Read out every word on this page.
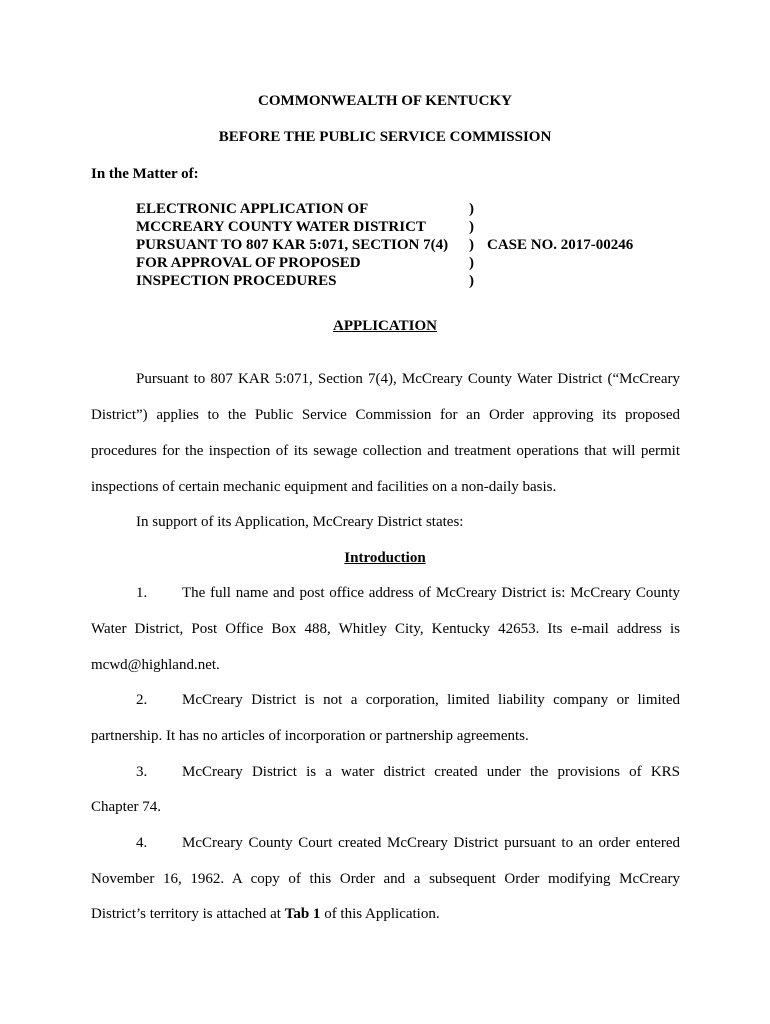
COMMONWEALTH OF KENTUCKY
BEFORE THE PUBLIC SERVICE COMMISSION
In the Matter of:
ELECTRONIC APPLICATION OF
MCCREARY COUNTY WATER DISTRICT
PURSUANT TO 807 KAR 5:071, SECTION 7(4)
FOR APPROVAL OF PROPOSED
INSPECTION PROCEDURES
)
)
)
)
)
CASE NO. 2017-00246
APPLICATION
Pursuant to 807 KAR 5:071, Section 7(4), McCreary County Water District (“McCreary
District”) applies to the Public Service Commission for an Order approving its proposed
procedures for the inspection of its sewage collection and treatment operations that will permit
inspections of certain mechanic equipment and facilities on a non-daily basis.
In support of its Application, McCreary District states:
Introduction
1. The full name and post office address of McCreary District is: McCreary County
Water District, Post Office Box 488, Whitley City, Kentucky 42653. Its e-mail address is
mcwd@highland.net.
2. McCreary District is not a corporation, limited liability company or limited
partnership. It has no articles of incorporation or partnership agreements.
3. McCreary District is a water district created under the provisions of KRS
Chapter 74.
4. McCreary County Court created McCreary District pursuant to an order entered
November 16, 1962. A copy of this Order and a subsequent Order modifying McCreary
District’s territory is attached at Tab 1 of this Application.
